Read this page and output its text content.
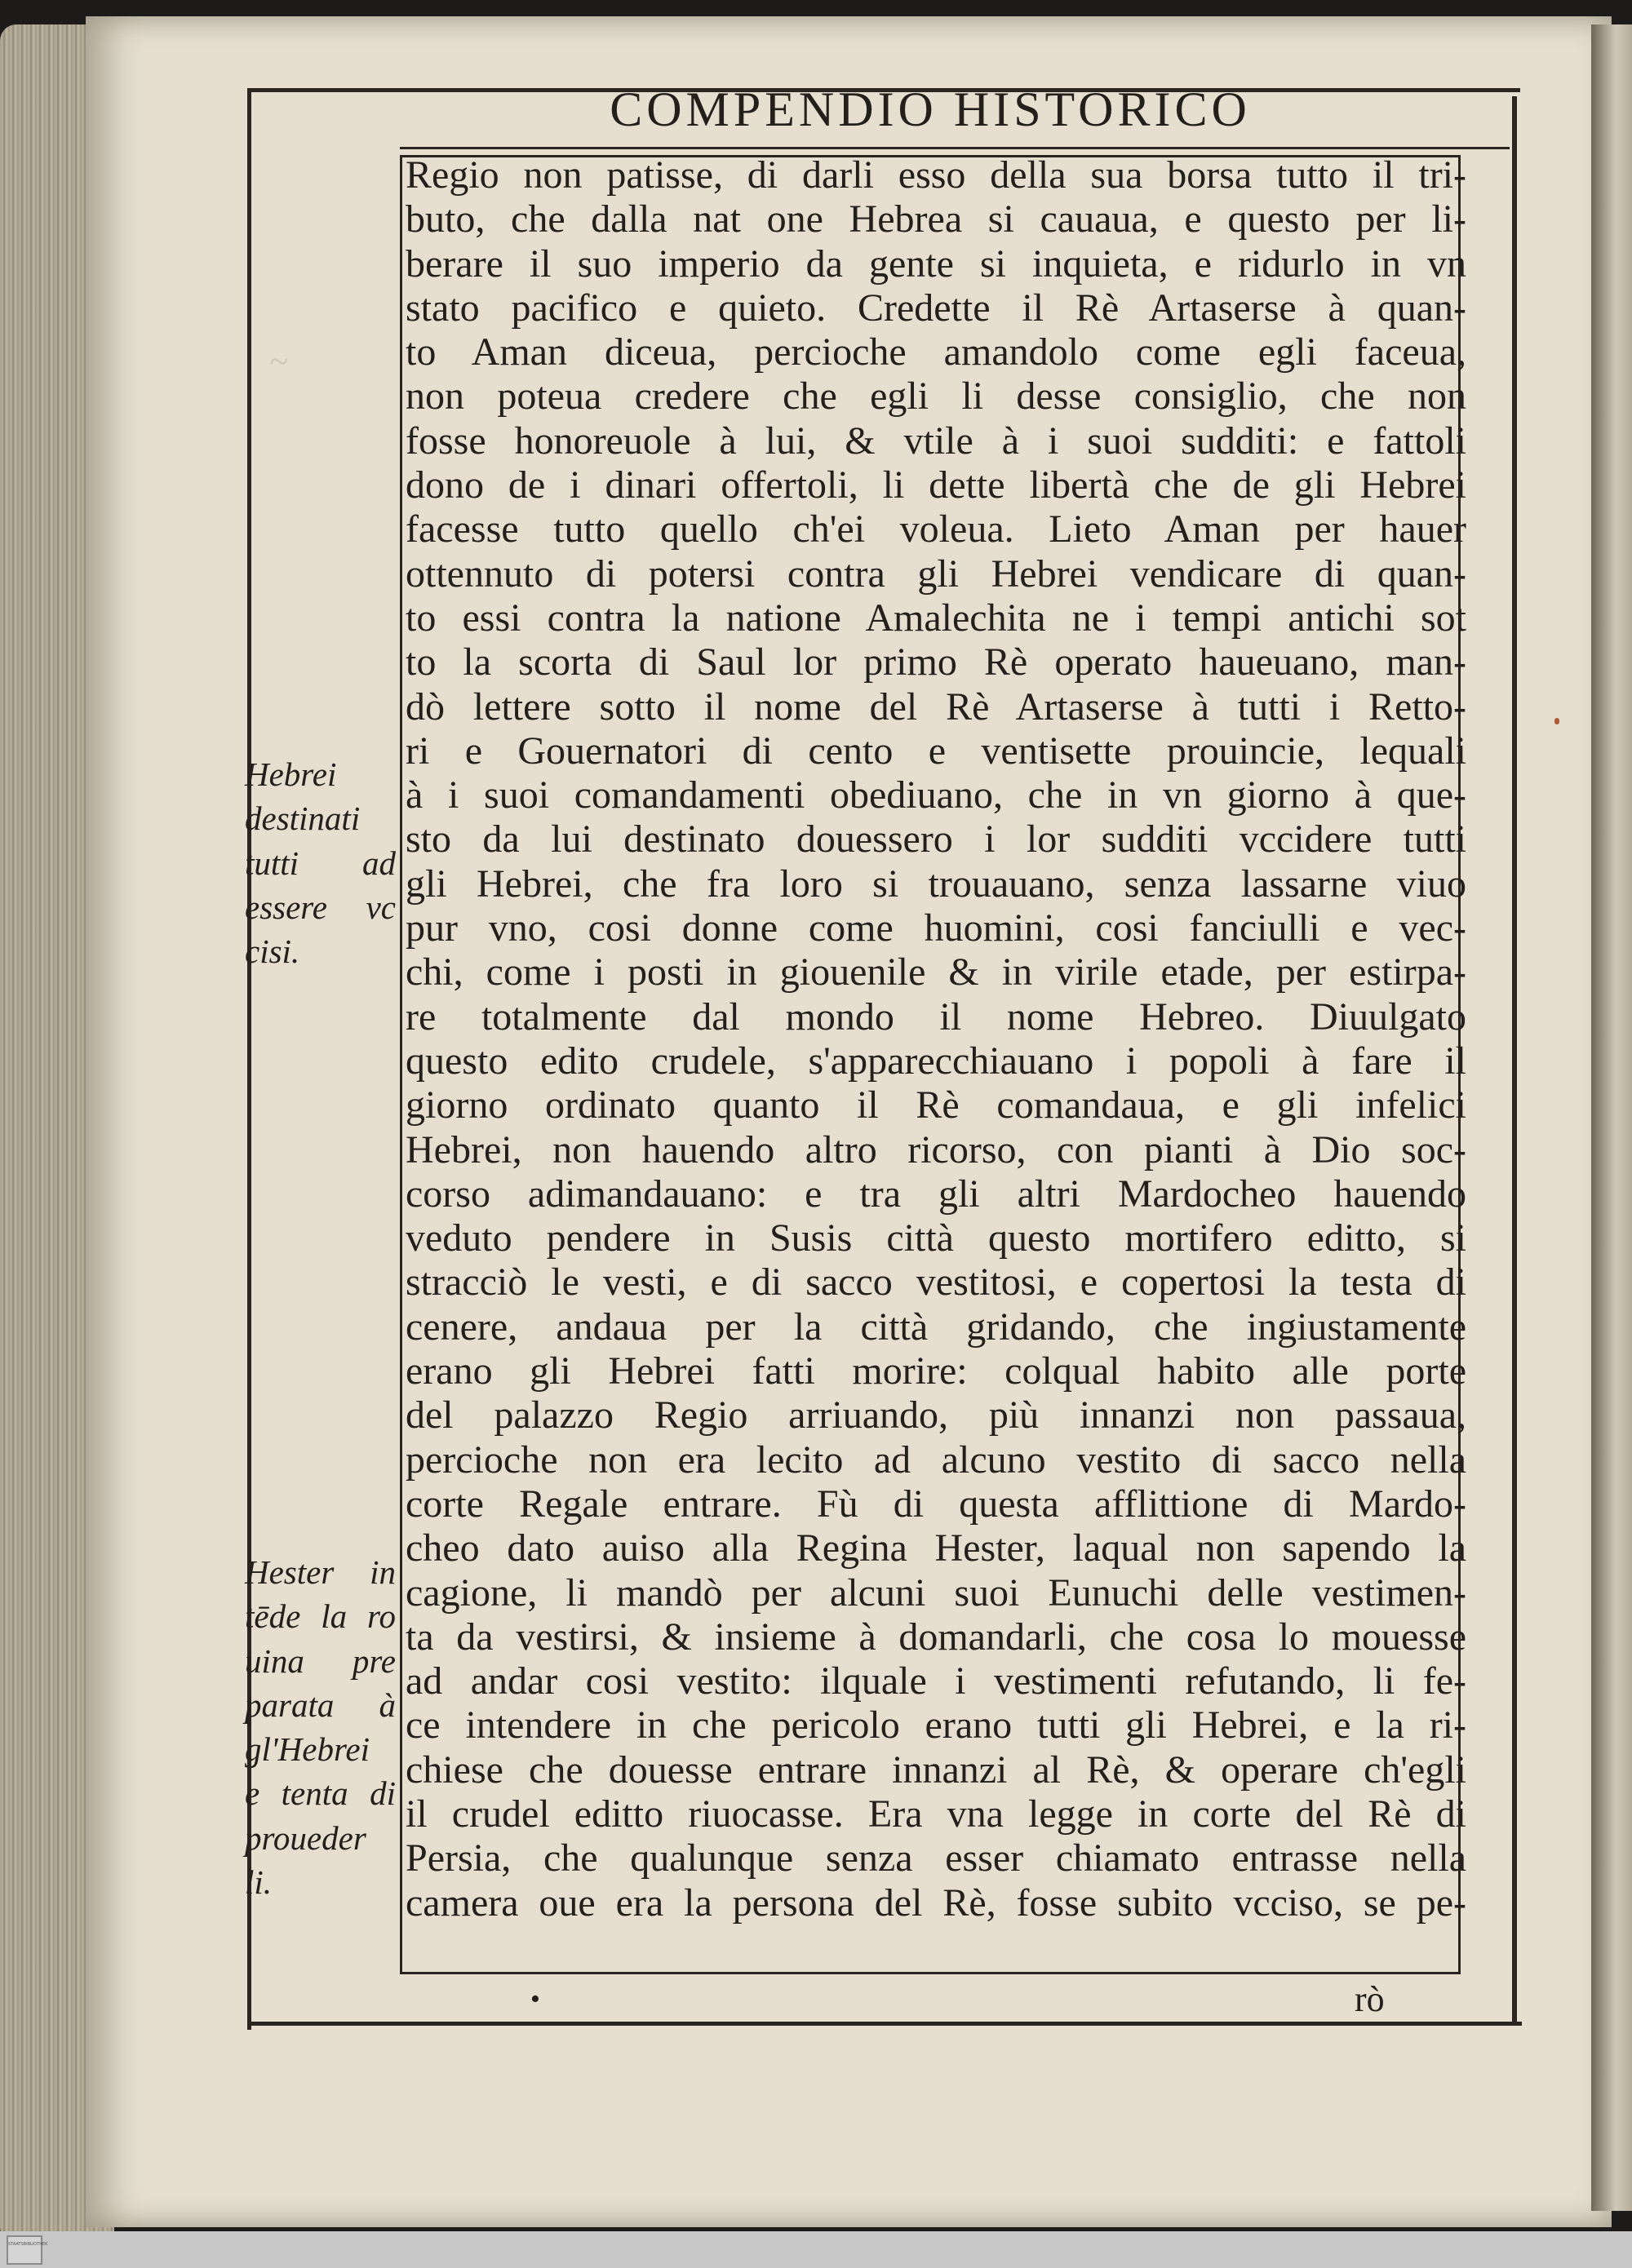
~
COMPENDIO HISTORICO
Regio non patisse, di darli esso della sua borsa tutto il tri-
buto, che dalla nat one Hebrea si cauaua, e questo per li-
berare il suo imperio da gente si inquieta, e ridurlo in vn
stato pacifico e quieto. Credette il Rè Artaserse à quan-
to Aman diceua, percioche amandolo come egli faceua,
non poteua credere che egli li desse consiglio, che non
fosse honoreuole à lui, & vtile à i suoi sudditi: e fattoli
dono de i dinari offertoli, li dette libertà che de gli Hebrei
facesse tutto quello ch'ei voleua. Lieto Aman per hauer
ottennuto di potersi contra gli Hebrei vendicare di quan-
to essi contra la natione Amalechita ne i tempi antichi sot
to la scorta di Saul lor primo Rè operato haueuano, man-
dò lettere sotto il nome del Rè Artaserse à tutti i Retto-
ri e Gouernatori di cento e ventisette prouincie, lequali
à i suoi comandamenti obediuano, che in vn giorno à que-
sto da lui destinato douessero i lor sudditi vccidere tutti
gli Hebrei, che fra loro si trouauano, senza lassarne viuo
pur vno, cosi donne come huomini, cosi fanciulli e vec-
chi, come i posti in giouenile & in virile etade, per estirpa-
re totalmente dal mondo il nome Hebreo. Diuulgato
questo edito crudele, s'apparecchiauano i popoli à fare il
giorno ordinato quanto il Rè comandaua, e gli infelici
Hebrei, non hauendo altro ricorso, con pianti à Dio soc-
corso adimandauano: e tra gli altri Mardocheo hauendo
veduto pendere in Susis città questo mortifero editto, si
stracciò le vesti, e di sacco vestitosi, e copertosi la testa di
cenere, andaua per la città gridando, che ingiustamente
erano gli Hebrei fatti morire: colqual habito alle porte
del palazzo Regio arriuando, più innanzi non passaua,
percioche non era lecito ad alcuno vestito di sacco nella
corte Regale entrare. Fù di questa afflittione di Mardo-
cheo dato auiso alla Regina Hester, laqual non sapendo la
cagione, li mandò per alcuni suoi Eunuchi delle vestimen-
ta da vestirsi, & insieme à domandarli, che cosa lo mouesse
ad andar cosi vestito: ilquale i vestimenti refutando, li fe-
ce intendere in che pericolo erano tutti gli Hebrei, e la ri-
chiese che douesse entrare innanzi al Rè, & operare ch'egli
il crudel editto riuocasse. Era vna legge in corte del Rè di
Persia, che qualunque senza esser chiamato entrasse nella
camera oue era la persona del Rè, fosse subito vcciso, se pe-
Hebrei
destinati
tutti ad
essere vc
cisi.
Hester in
tēde la ro
uina pre
parata à
gl'Hebrei
e tenta di
proueder
li.
•	rò
STAATSBIBLIOTHEK
